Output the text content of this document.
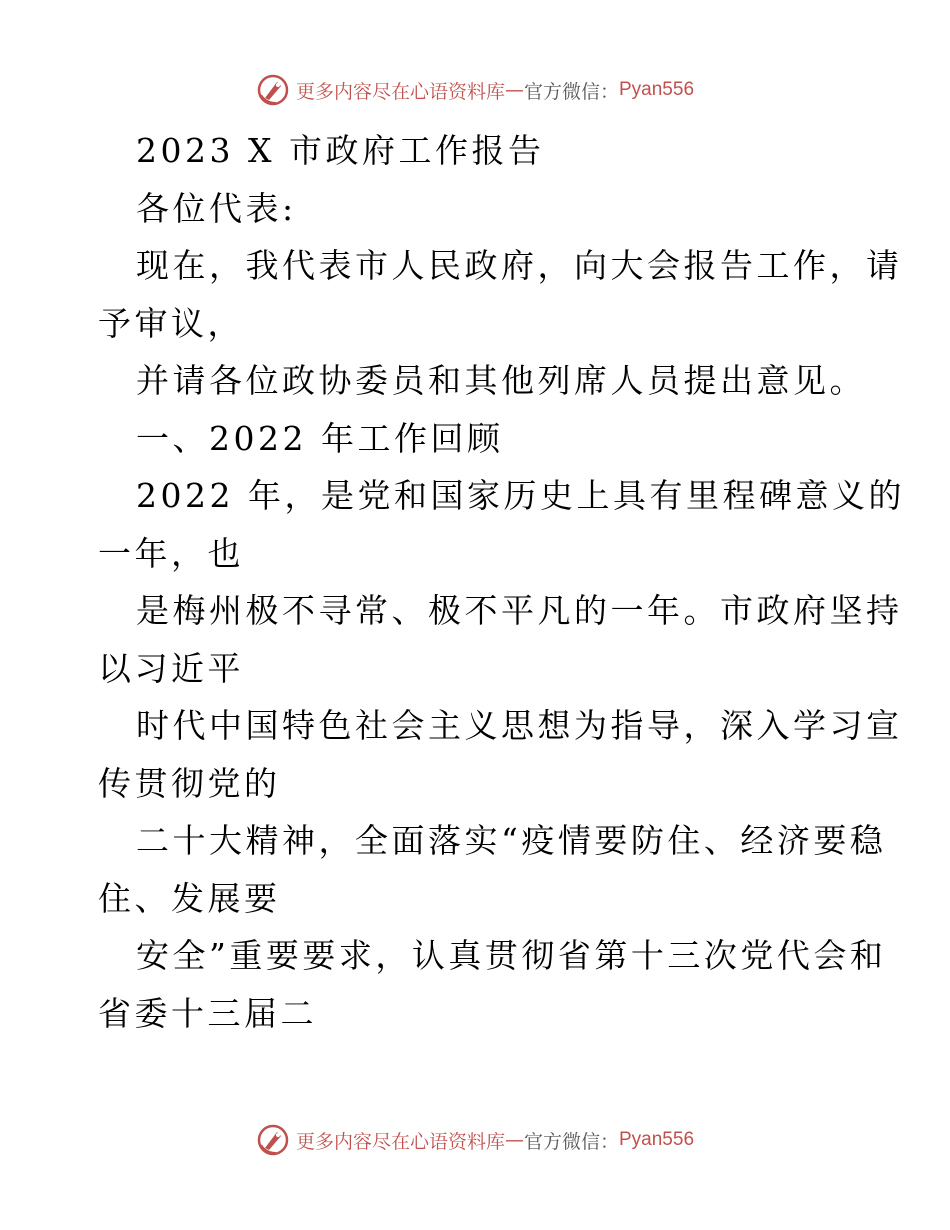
更多内容尽在心语资料库 — 官方微信： Pyan556
2023 X 市政府工作报告
各位代表:
现在，我代表市人民政府，向大会报告工作，请
予审议，
并请各位政协委员和其他列席人员提出意见。
一、2022 年工作回顾
2022 年，是党和国家历史上具有里程碑意义的
一年，也
是梅州极不寻常、极不平凡的一年。市政府坚持
以习近平
时代中国特色社会主义思想为指导，深入学习宣
传贯彻党的
二十大精神，全面落实“疫情要防住、经济要稳
住、发展要
安全”重要要求，认真贯彻省第十三次党代会和
省委十三届二
更多内容尽在心语资料库 — 官方微信： Pyan556
